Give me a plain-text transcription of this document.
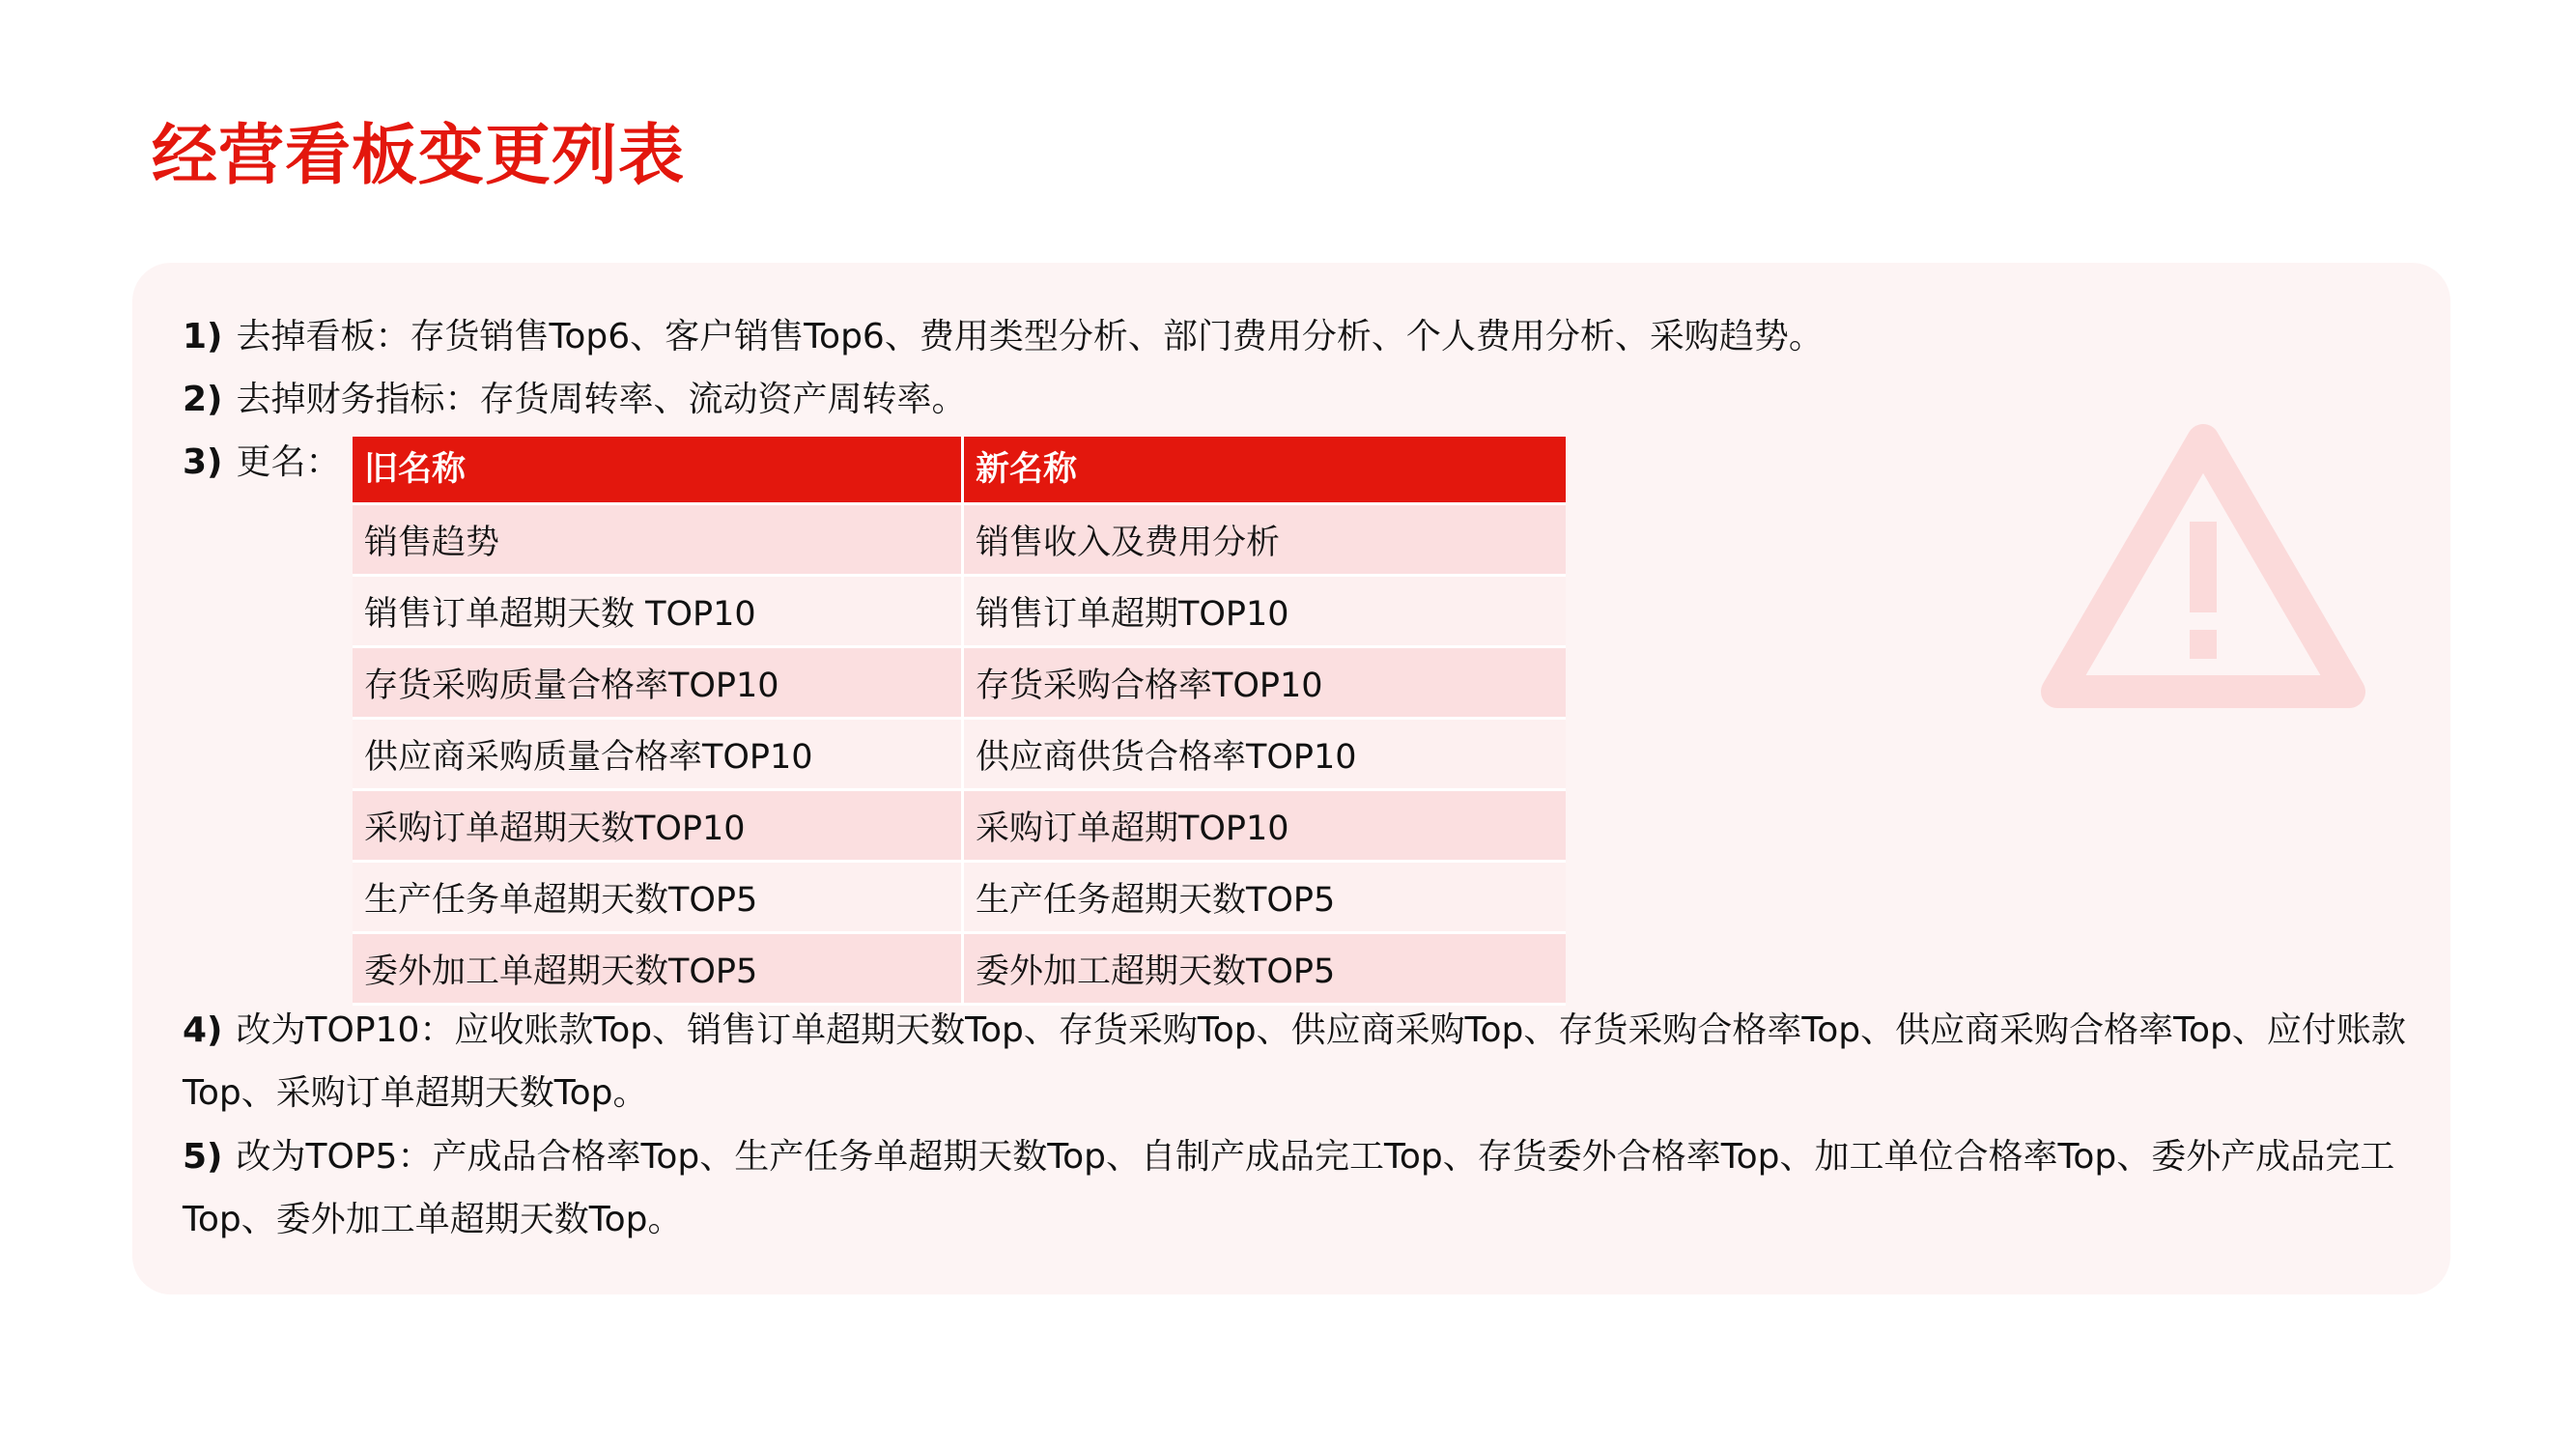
经营看板变更列表
1) 去掉看板：存货销售Top6、客户销售Top6、费用类型分析、部门费用分析、个人费用分析、采购趋势。
2) 去掉财务指标：存货周转率、流动资产周转率。
3) 更名： 旧名称	新名称
销售趋势	销售收入及费用分析
销售订单超期天数 TOP10	销售订单超期TOP10
存货采购质量合格率TOP10	存货采购合格率TOP10
供应商采购质量合格率TOP10	供应商供货合格率TOP10
采购订单超期天数TOP10	采购订单超期TOP10
生产任务单超期天数TOP5	生产任务超期天数TOP5
委外加工单超期天数TOP5	委外加工超期天数TOP5
4) 改为TOP10：应收账款Top、销售订单超期天数Top、存货采购Top、供应商采购Top、存货采购合格率Top、供应商采购合格率Top、应付账款
Top、采购订单超期天数Top。
5) 改为TOP5：产成品合格率Top、生产任务单超期天数Top、自制产成品完工Top、存货委外合格率Top、加工单位合格率Top、委外产成品完工
Top、委外加工单超期天数Top。
